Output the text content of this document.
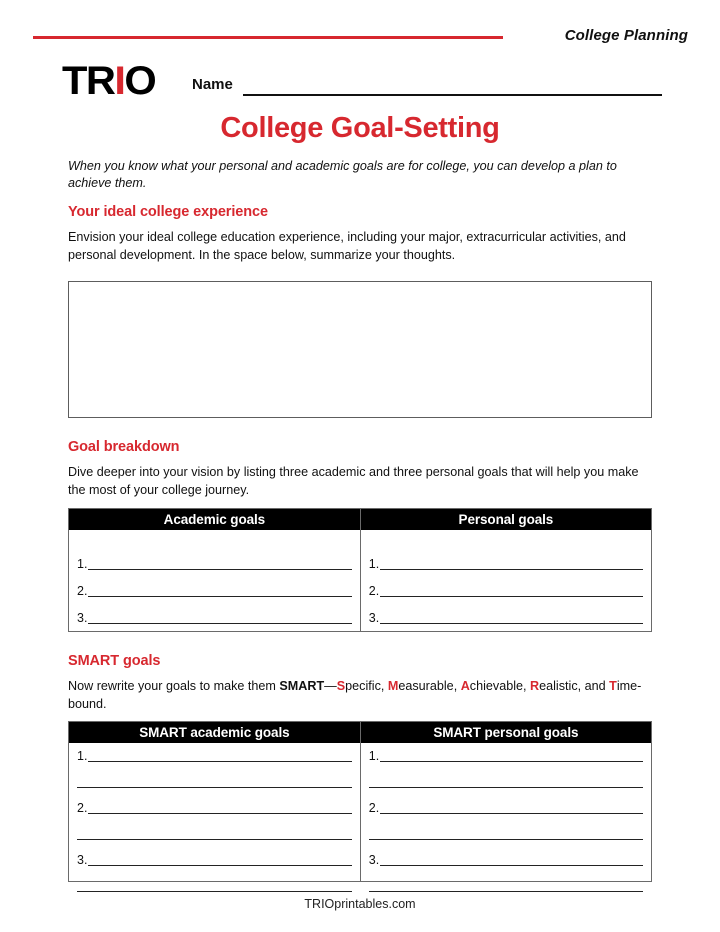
College Planning
TRIO Name
College Goal-Setting
When you know what your personal and academic goals are for college, you can develop a plan to achieve them.
Your ideal college experience
Envision your ideal college education experience, including your major, extracurricular activities, and personal development. In the space below, summarize your thoughts.
Goal breakdown
Dive deeper into your vision by listing three academic and three personal goals that will help you make the most of your college journey.
Academic goals
1.
2.
3.
Personal goals
1.
2.
3.
SMART goals
Now rewrite your goals to make them SMART—Specific, Measurable, Achievable, Realistic, and Time-bound.
SMART academic goals
1.
2.
3.
SMART personal goals
1.
2.
3.
TRIOprintables.com
